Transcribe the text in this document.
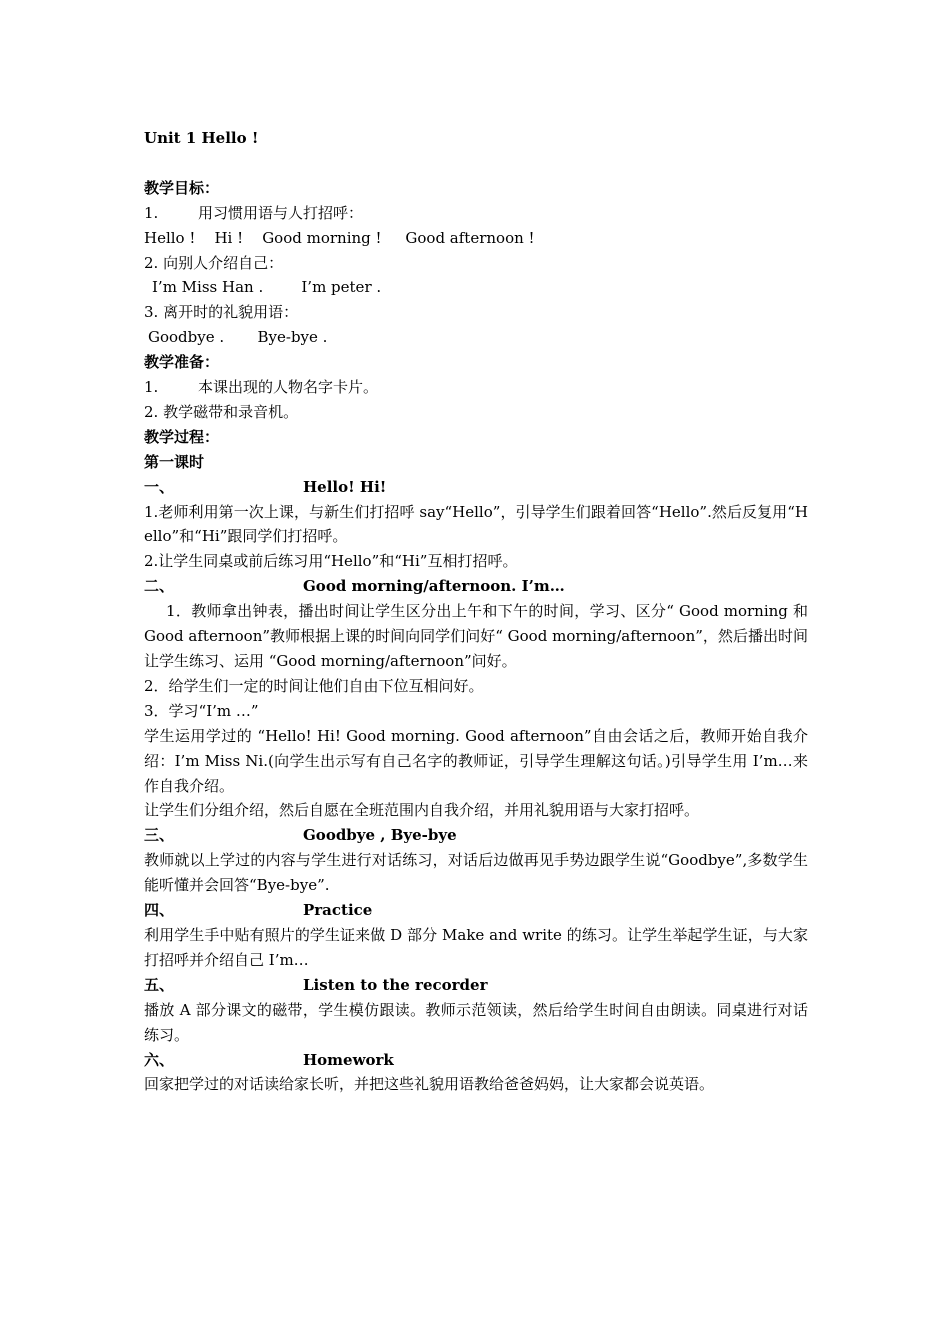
Unit 1 Hello !
教学目标：
1.	用习惯用语与人打招呼：
Hello !    Hi !    Good morning !     Good afternoon !
2. 向别人介绍自己：
I’m Miss Han .        I’m peter .
3. 离开时的礼貌用语：
Goodbye .       Bye-bye .
教学准备：
1.	本课出现的人物名字卡片。
2. 教学磁带和录音机。
教学过程：
第一课时
一、	Hello! Hi!
1.老师利用第一次上课，与新生们打招呼 say“Hello”，引导学生们跟着回答“Hello”.然后反复用“Hello”和“Hi”跟同学们打招呼。
2.让学生同桌或前后练习用“Hello”和“Hi”互相打招呼。
二、	Good morning/afternoon. I’m…
1．教师拿出钟表，播出时间让学生区分出上午和下午的时间，学习、区分“ Good morning 和 Good afternoon”教师根据上课的时间向同学们问好“ Good morning/afternoon”，然后播出时间让学生练习、运用 “Good morning/afternoon”问好。
2．给学生们一定的时间让他们自由下位互相问好。
3．学习“I’m …”
学生运用学过的 “Hello! Hi! Good morning. Good afternoon”自由会话之后，教师开始自我介绍：I’m Miss Ni.(向学生出示写有自己名字的教师证，引导学生理解这句话。)引导学生用 I’m…来作自我介绍。
让学生们分组介绍，然后自愿在全班范围内自我介绍，并用礼貌用语与大家打招呼。
三、	Goodbye , Bye-bye
教师就以上学过的内容与学生进行对话练习，对话后边做再见手势边跟学生说“Goodbye”,多数学生能听懂并会回答“Bye-bye”.
四、	Practice
利用学生手中贴有照片的学生证来做 D 部分 Make and write 的练习。让学生举起学生证，与大家打招呼并介绍自己 I’m…
五、	Listen to the recorder
播放 A 部分课文的磁带，学生模仿跟读。教师示范领读，然后给学生时间自由朗读。同桌进行对话练习。
六、	Homework
回家把学过的对话读给家长听，并把这些礼貌用语教给爸爸妈妈，让大家都会说英语。
